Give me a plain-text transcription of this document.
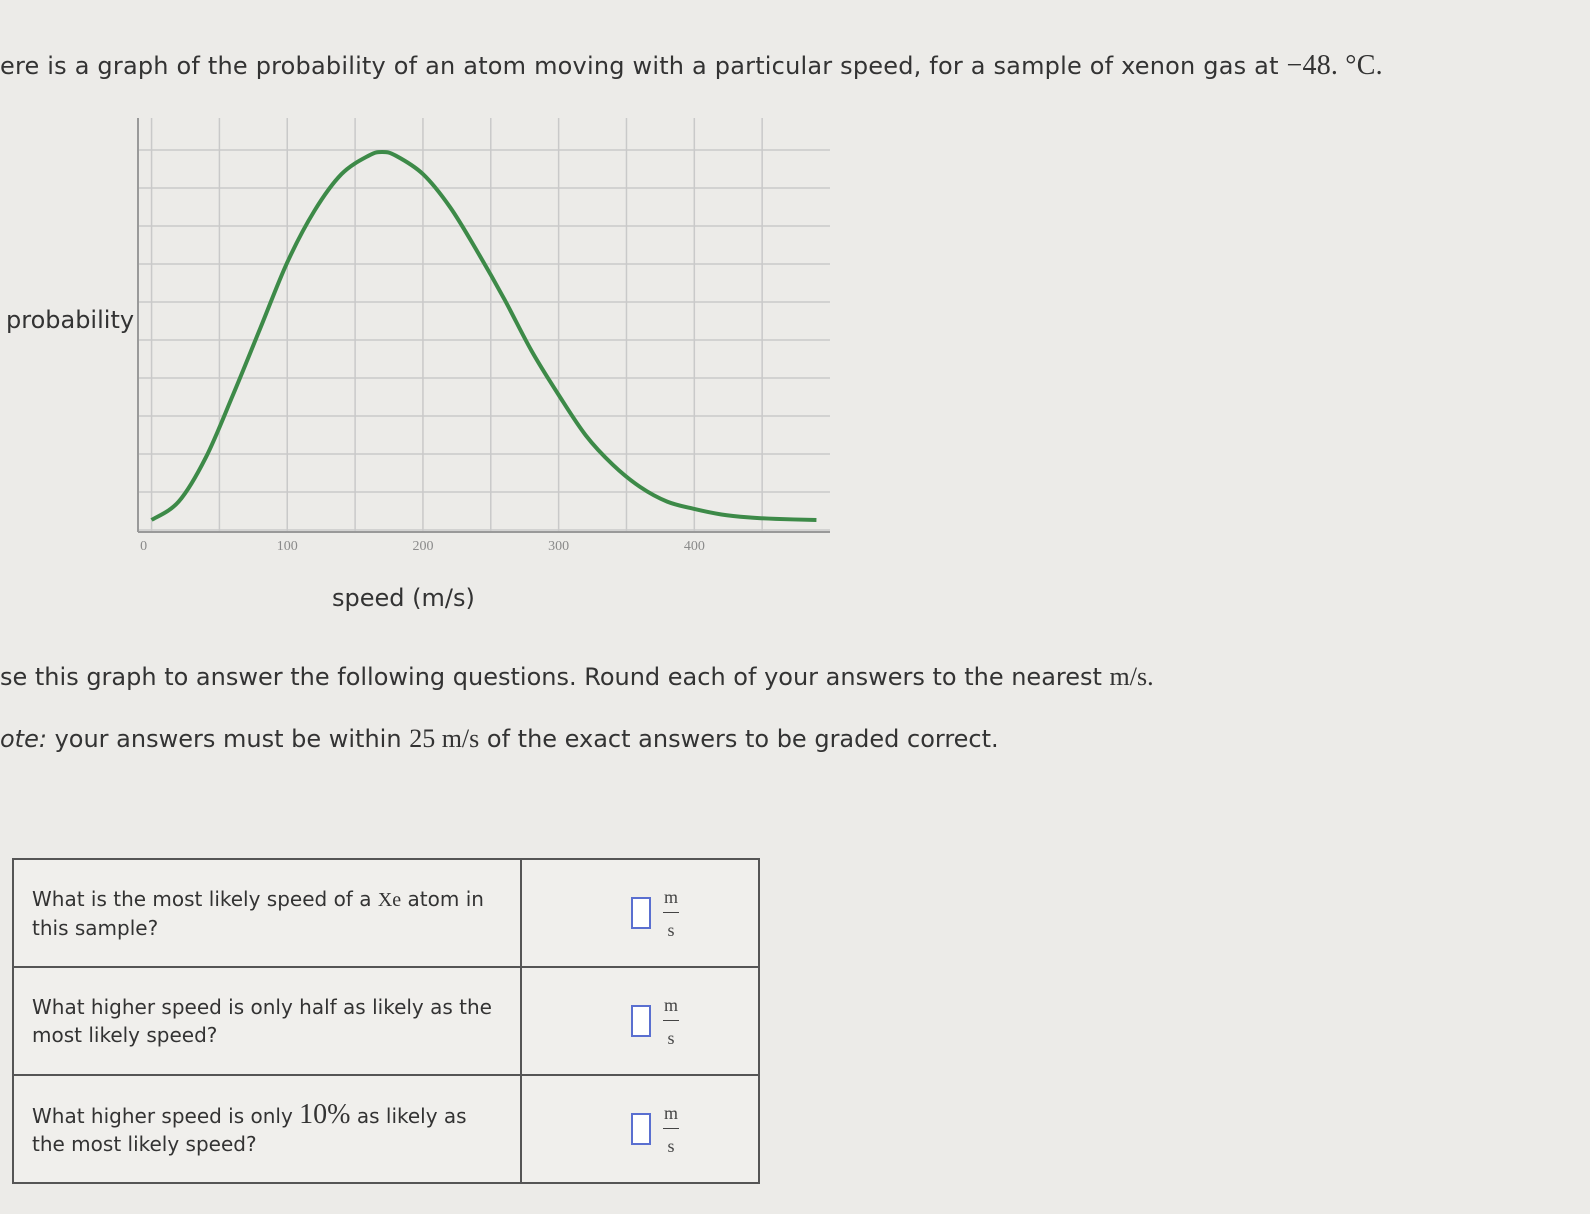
ere is a graph of the probability of an atom moving with a particular speed, for a sample of xenon gas at −48. °C.
probability
0	100	200	300	400
speed (m/s)
se this graph to answer the following questions. Round each of your answers to the nearest m/s.
ote: your answers must be within 25 m/s of the exact answers to be graded correct.
What is the most likely speed of a Xe atom in this sample?	$\frac{m}{s}$

What higher speed is only half as likely as the most likely speed?	$\frac{m}{s}$

What higher speed is only 10% as likely as the most likely speed?	$\frac{m}{s}$
